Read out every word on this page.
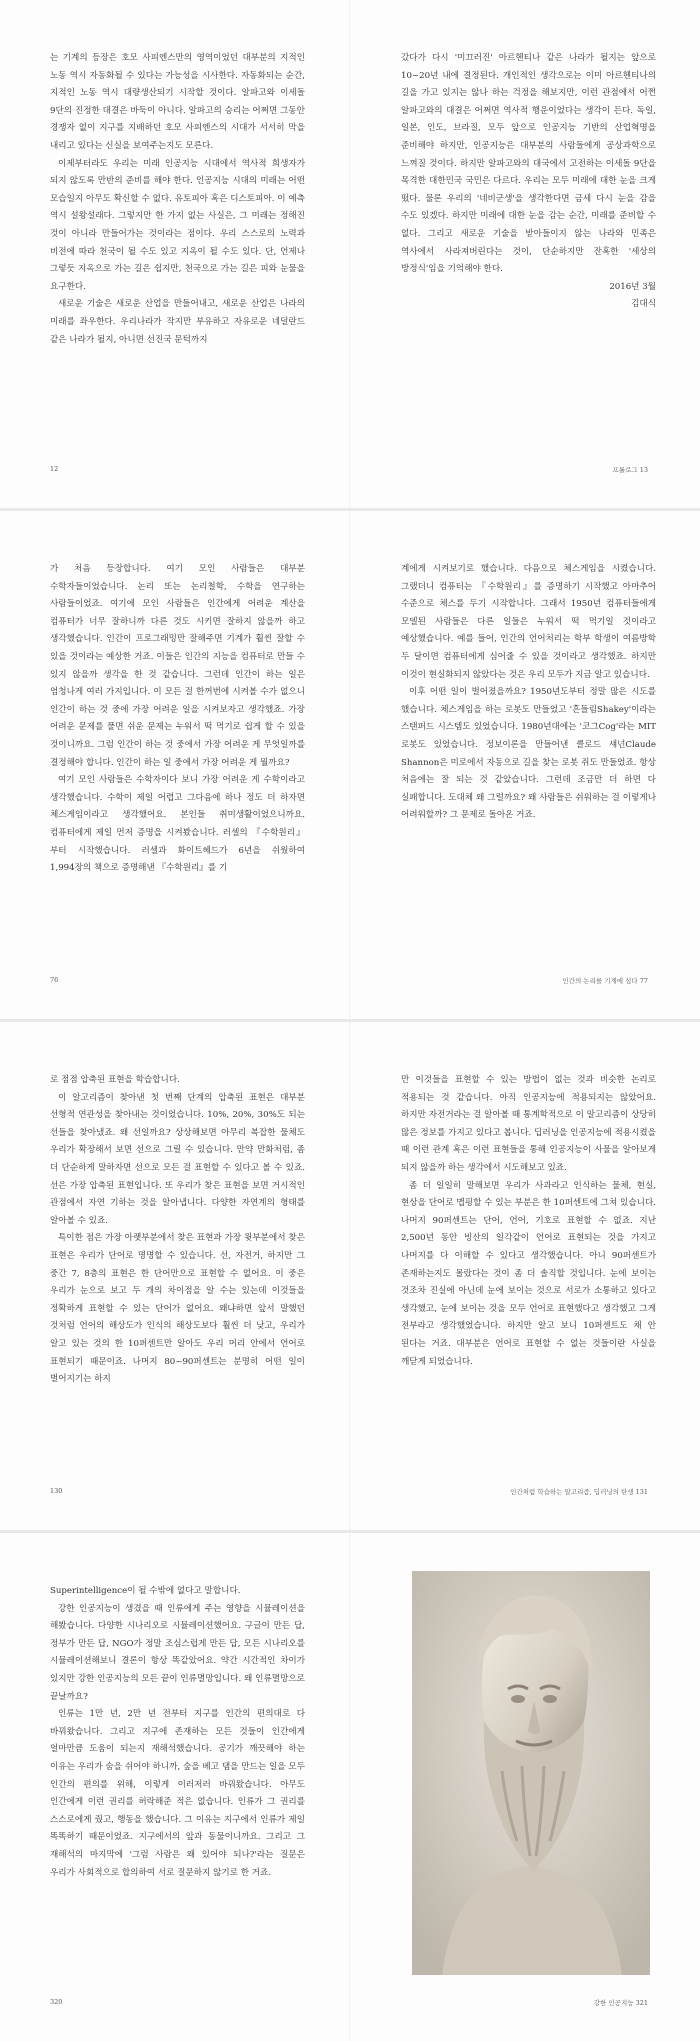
는 기계의 등장은 호모 사피엔스만의 영역이었던 대부분의 지적인 노동 역시 자동화될 수 있다는 가능성을 시사한다. 자동화되는 순간, 지적인 노동 역시 대량생산되기 시작할 것이다. 알파고와 이세돌 9단의 진정한 대결은 바둑이 아니다. 알파고의 승리는 어쩌면 그동안 경쟁자 없이 지구를 지배하던 호모 사피엔스의 시대가 서서히 막을 내리고 있다는 신실을 보여주는지도 모른다.

이제부터라도 우리는 미래 인공지능 시대에서 역사적 희생자가 되지 않도록 만반의 준비를 해야 한다. 인공지능 시대의 미래는 어떤 모습일지 아무도 확신할 수 없다. 유토피아 혹은 디스토피아. 이 예측 역시 설왕설래다. 그렇지만 한 가지 없는 사실은, 그 미래는 정해진 것이 아니라 만들어가는 것이라는 점이다. 우리 스스로의 노력과 비전에 따라 천국이 될 수도 있고 지옥이 될 수도 있다. 단, 언제나 그렇듯 지옥으로 가는 길은 쉽지만, 천국으로 가는 길은 피와 눈물을 요구한다.

새로운 기술은 새로운 산업을 만들어내고, 새로운 산업은 나라의 미래를 좌우한다. 우리나라가 작지만 부유하고 자유로운 네덜란드 같은 나라가 될지, 아니면 선진국 문턱까지

갔다가 다시 '미끄러진' 아르헨티나 같은 나라가 될지는 앞으로 10~20년 내에 결정된다. 개인적인 생각으로는 이미 아르헨티나의 길을 가고 있지는 않나 하는 걱정을 해보지만, 이런 관점에서 어쩐 알파고와의 대결은 어쩌면 역사적 행운이었다는 생각이 든다. 독일, 일본, 인도, 브라질, 모두 앞으로 인공지능 기반의 산업혁명을 준비해야 하지만, 인공지능은 대부분의 사람들에게 공상과학으로 느껴질 것이다. 하지만 알파고와의 대국에서 고전하는 이세돌 9단을 목격한 대한민국 국민은 다르다. 우리는 모두 미래에 대한 눈을 크게 떴다. 물론 우리의 '네비군생'을 생각한다면 금세 다시 눈을 감을 수도 있겠다. 하지만 미래에 대한 눈을 감는 순간, 미래를 준비할 수 없다. 그리고 새로운 기술을 받아들이지 않는 나라와 민족은 역사에서 사라져버린다는 것이, 단순하지만 잔혹한 '세상의 방정식'임을 기억해야 한다.

2016년 3월

김대식

12	프롤로그 13

가 처음 등장합니다. 여기 모인 사람들은 대부분 수학자들이었습니다. 논리 또는 논리철학, 수학을 연구하는 사람들이었죠. 여기에 모인 사람들은 인간에게 어려운 계산을 컴퓨터가 너무 잘하니까 다른 것도 시키면 잘하지 않을까 하고 생각했습니다. 인간이 프로그래밍만 잘해주면 기계가 훨씬 잘할 수 있을 것이라는 예상한 거죠. 이들은 인간의 지능을 컴퓨터로 만들 수 있지 않을까 생각을 한 것 같습니다. 그런데 인간이 하는 일은 엄청나게 여러 가지입니다. 이 모든 걸 한꺼번에 시켜볼 수가 없으니 인간이 하는 것 중에 가장 어려운 일을 시켜보자고 생각했죠. 가장 어려운 문제를 풀면 쉬운 문제는 누워서 떡 먹기로 쉽게 할 수 있을 것이니까요. 그럼 인간이 하는 것 중에서 가장 어려운 게 무엇일까를 결정해야 합니다. 인간이 하는 일 중에서 가장 어려운 게 뭘까요?

여기 모인 사람들은 수학자이다 보니 가장 어려운 게 수학이라고 생각했습니다. 수학이 제일 어렵고 그다음에 하나 정도 더 하자면 체스게임이라고 생각했어요. 본인들 취미생활이었으니까요. 컴퓨터에게 제일 먼저 증명을 시켜봤습니다. 러셀의 『수학원리』부터 시작했습니다. 러셀과 화이트헤드가 6년을 쉬웠하여 1,994장의 책으로 증명해낸 『수학원리』를 기

계에게 시켜보기로 했습니다. 다음으로 체스게임을 시켰습니다. 그랬더니 컴퓨터는 『수학원리』를 증명하기 시작했고 아마추어 수준으로 체스를 두기 시작합니다. 그래서 1950년 컴퓨터들에게 모델된 사람들은 다른 일들은 누워서 떡 먹기일 것이라고 예상했습니다. 예를 들어, 인간의 언어처리는 학부 학생이 여름방학 두 달이면 컴퓨터에게 심어줄 수 있을 것이라고 생각했죠. 하지만 이것이 현실화되지 않았다는 것은 우리 모두가 지금 알고 있습니다.

이후 어떤 일이 벌어졌을까요? 1950년도부터 정말 많은 시도를 했습니다. 체스게임을 하는 로봇도 만들었고 '흔들림Shakey'이라는 스탠퍼드 시스템도 있었습니다. 1980년대에는 '코그Cog'라는 MIT 로봇도 있었습니다. 정보이론을 만들어낸 클로드 섀넌Claude Shannon은 미로에서 자동으로 길을 찾는 로봇 쥐도 만들었죠. 항상 처음에는 잘 되는 것 같았습니다. 그런데 조금만 더 하면 다 실패합니다. 도대체 왜 그럴까요? 왜 사람들은 쉬워하는 걸 이렇게나 어려워할까? 그 문제로 돌아온 거죠.

76	인간의 논리를 기계에 심다 77

로 점점 압축된 표현을 학습합니다.

이 알고리즘이 찾아낸 첫 번째 단계의 압축된 표현은 대부분 선형적 연관성을 찾아내는 것이었습니다. 10%, 20%, 30%도 되는 선들을 찾아냈죠. 왜 선일까요? 상상해보면 아무리 복잡한 물체도 우리가 확장해서 보면 선으로 그릴 수 있습니다. 만약 만화처럼, 좀 더 단순하게 말하자면 선으로 모든 걸 표현할 수 있다고 볼 수 있죠. 선은 가장 압축된 표현입니다. 또 우리가 찾은 표현을 보면 거시적인 관점에서 자연 기하는 것을 알아냅니다. 다양한 자연계의 형태를 알아볼 수 있죠.

특이한 점은 가장 아랫부분에서 찾은 표현과 가장 윗부분에서 찾은 표현은 우리가 단어로 명명할 수 있습니다. 선, 자전거, 하지만 그 중간 7, 8층의 표현은 한 단어만으로 표현할 수 없어요. 이 중은 우리가 눈으로 보고 두 개의 차이점을 알 수는 있는데 이것들을 정확하게 표현할 수 있는 단어가 없어요. 왜냐하면 앞서 말했던 것처럼 언어의 해상도가 인식의 해상도보다 훨씬 더 낮고, 우리가 알고 있는 것의 한 10퍼센트만 알아도 우리 머리 안에서 언어로 표현되기 때문이죠. 나머지 80~90퍼센트는 분명히 어떤 일이 벌어지기는 하지

만 이것들을 표현할 수 있는 방법이 없는 것과 비슷한 논리로 적용되는 것 같습니다. 아직 인공지능에 적용되지는 않았어요. 하지만 자전거라는 걸 알아볼 때 통계학적으로 이 알고리즘이 상당히 많은 정보를 가지고 있다고 봅니다. 딥러닝을 인공지능에 적용시켰을 때 이런 관계 혹은 이런 표현들을 통해 인공지능이 사물을 알아보게 되지 않을까 하는 생각에서 시도해보고 있죠.

좀 더 일일히 말해보면 우리가 사과라고 인식하는 물체, 현실, 현상을 단어로 맵핑할 수 있는 부분은 한 10퍼센트에 그쳐 있습니다. 나머지 90퍼센트는 단어, 언어, 기호로 표현할 수 없죠. 지난 2,500년 동안 빙산의 일각같이 언어로 표현되는 것을 가지고 나머지를 다 이해할 수 있다고 생각했습니다. 아니 90퍼센트가 존재하는지도 몰랐다는 것이 좀 더 솔직할 것입니다. 눈에 보이는 것조차 진실에 아닌데 눈에 보이는 것으로 서로가 소통하고 있다고 생각했고, 눈에 보이는 것을 모두 언어로 표현했다고 생각했고 그게 전부라고 생각했었습니다. 하지만 알고 보니 10퍼센트도 채 안 된다는 거죠. 대부분은 언어로 표현할 수 없는 것들이란 사실을 깨닫게 되었습니다.

130	인간처럼 학습하는 알고리즘, 딥러닝의 탄생 131

Superintelligence이 될 수밖에 없다고 말합니다.

강한 인공지능이 생겼을 때 인류에게 주는 영향을 시뮬레이션을 해봤습니다. 다양한 시나리오로 시뮬레이션했어요. 구글이 만든 답, 정부가 만든 답, NGO가 정말 조심스럽게 만든 답, 모든 시나리오를 시뮬레이션해보니 결론이 항상 똑같았어요. 약간 시간적인 차이가 있지만 강한 인공지능의 모든 끝이 인류멸망입니다. 왜 인류멸망으로 끝날까요?

인류는 1만 년, 2만 년 전부터 지구를 인간의 편의대로 다 바꿔왔습니다. 그리고 지구에 존재하는 모든 것들이 인간에게 얼마만큼 도움이 되는지 재해석했습니다. 공기가 깨끗해야 하는 이유는 우리가 숨을 쉬어야 하니까, 숲을 베고 댐을 만드는 일을 모두 인간의 편의를 위해, 이렇게 이러저러 바꿔왔습니다. 아무도 인간에게 이런 권리를 허락해준 적은 없습니다. 인류가 그 권리를 스스로에게 줬고, 행동을 했습니다. 그 이유는 지구에서 인류가 제일 똑똑하기 때문이었죠. 지구에서의 앞과 동물이니까요. 그리고 그 재해석의 마지막에 '그럼 사람은 왜 있어야 되나?'라는 질문은 우리가 사회적으로 합의하여 서로 질문하지 않기로 한 거죠.

320	강한 인공지능 321
